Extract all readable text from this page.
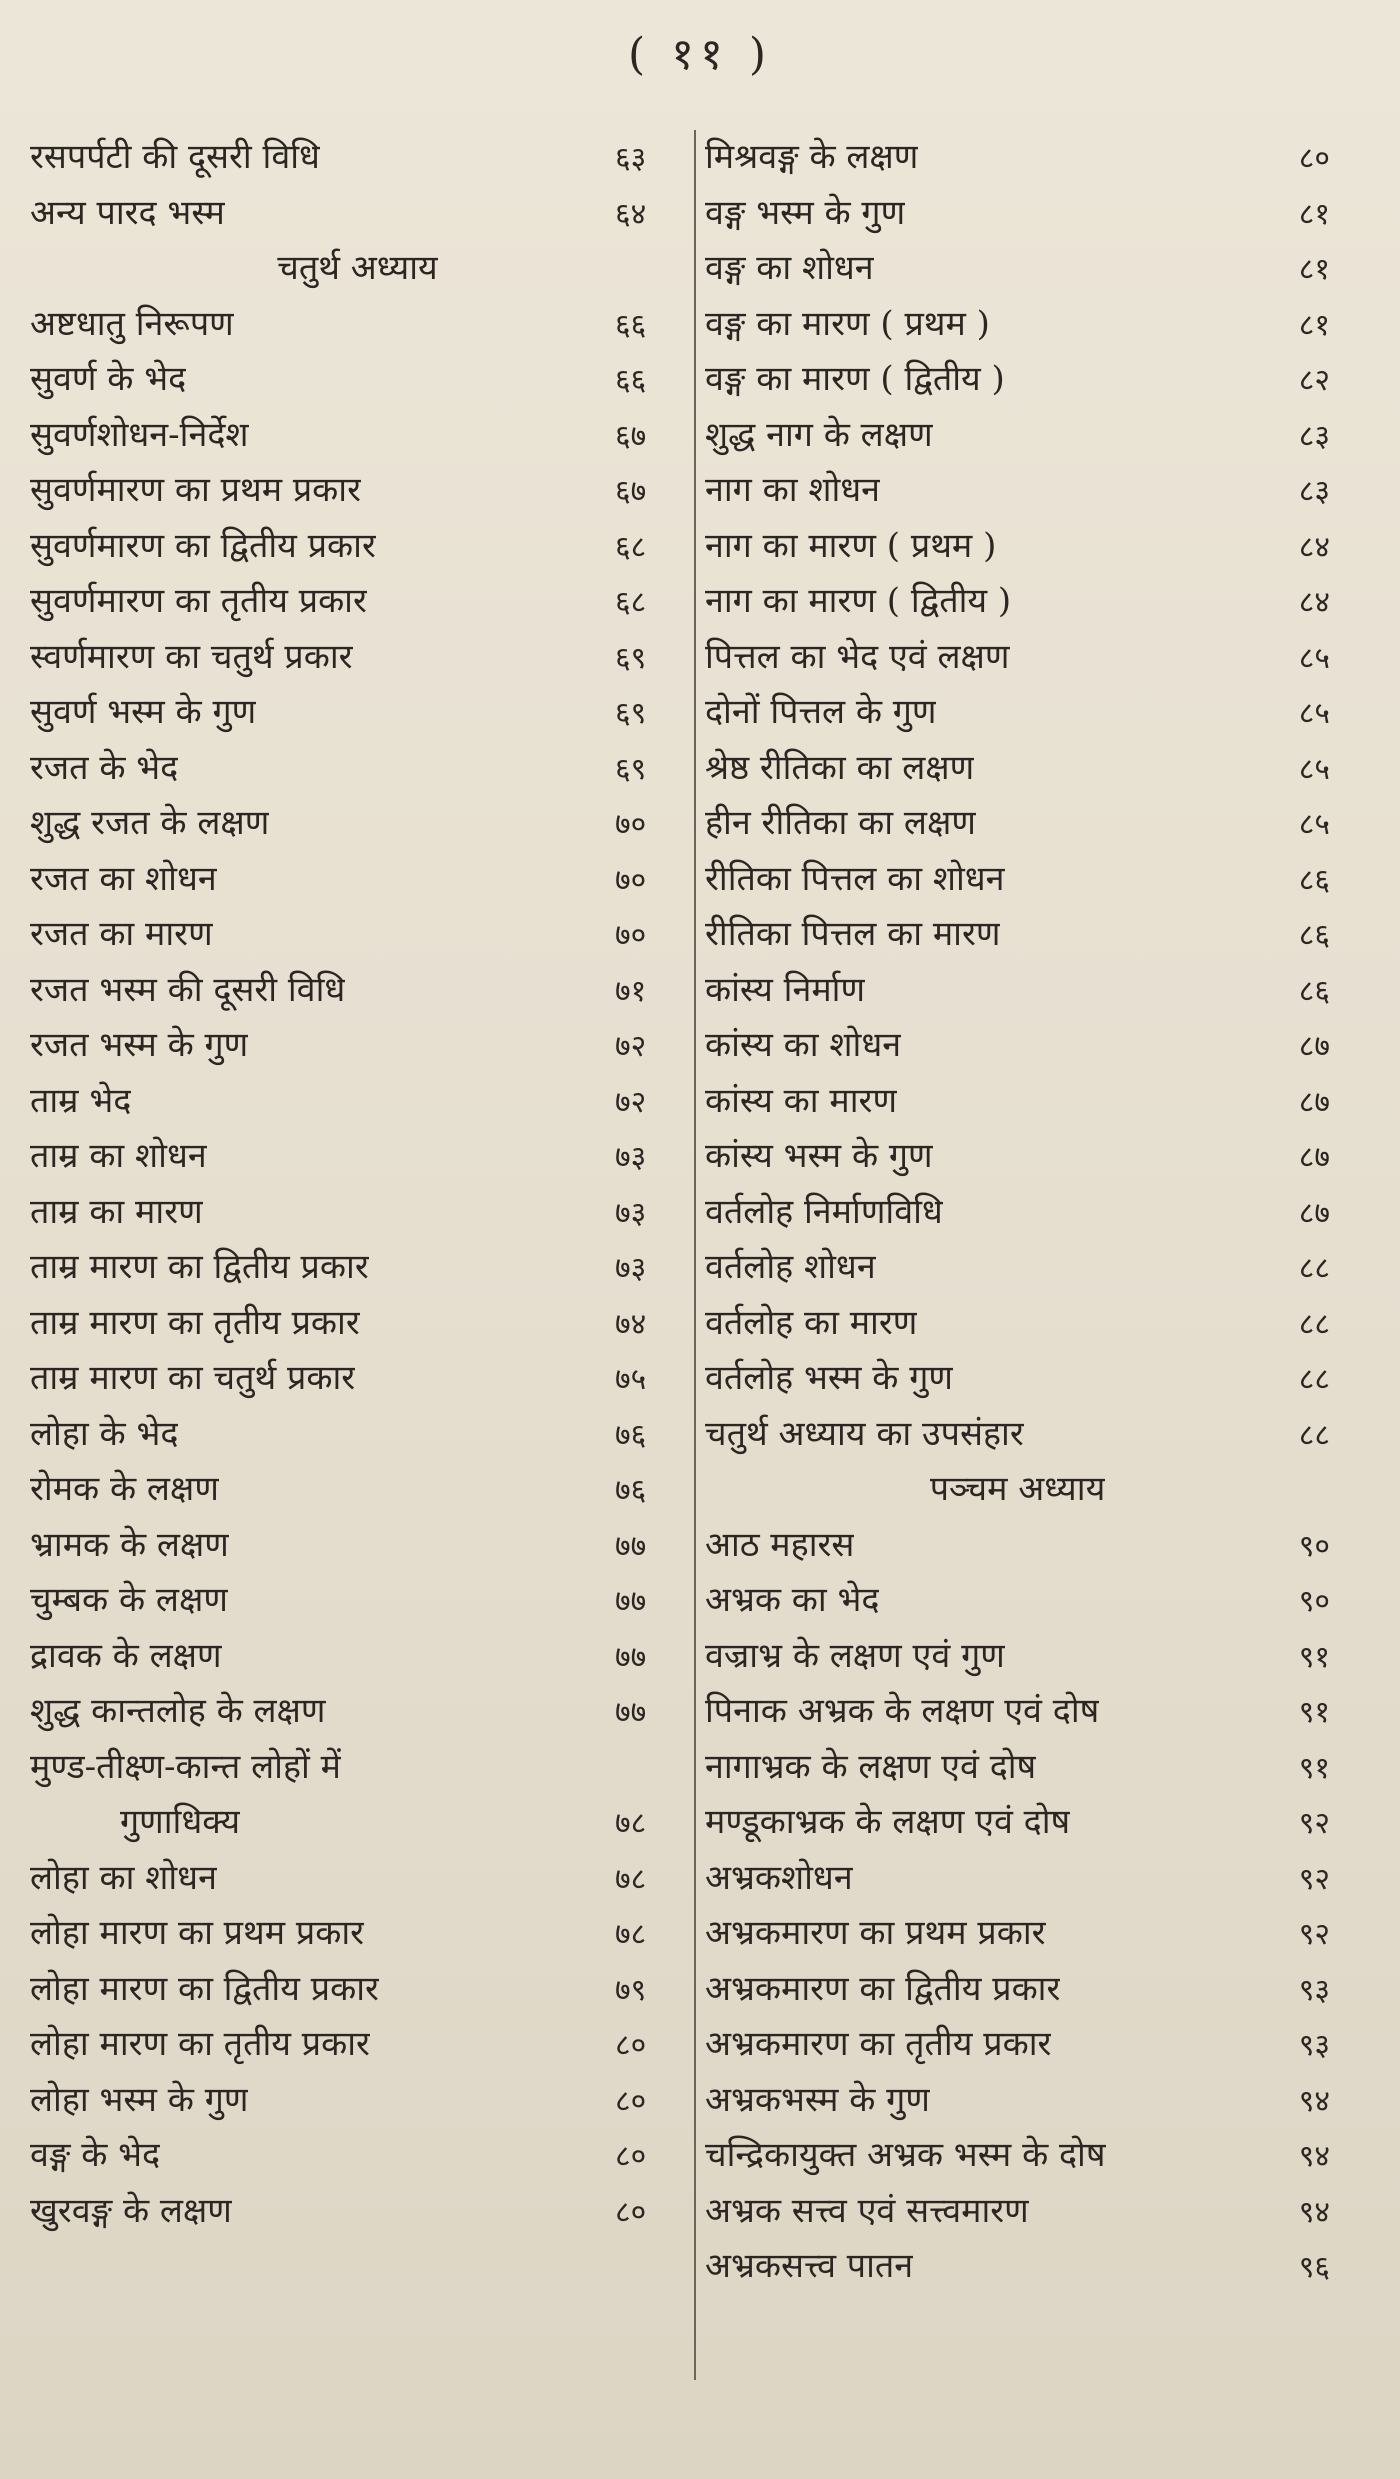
( ११ )
रसपर्पटी की दूसरी विधि	६३
अन्य पारद भस्म	६४
चतुर्थ अध्याय
अष्टधातु निरूपण	६६
सुवर्ण के भेद	६६
सुवर्णशोधन-निर्देश	६७
सुवर्णमारण का प्रथम प्रकार	६७
सुवर्णमारण का द्वितीय प्रकार	६८
सुवर्णमारण का तृतीय प्रकार	६८
स्वर्णमारण का चतुर्थ प्रकार	६९
सुवर्ण भस्म के गुण	६९
रजत के भेद	६९
शुद्ध रजत के लक्षण	७०
रजत का शोधन	७०
रजत का मारण	७०
रजत भस्म की दूसरी विधि	७१
रजत भस्म के गुण	७२
ताम्र भेद	७२
ताम्र का शोधन	७३
ताम्र का मारण	७३
ताम्र मारण का द्वितीय प्रकार	७३
ताम्र मारण का तृतीय प्रकार	७४
ताम्र मारण का चतुर्थ प्रकार	७५
लोहा के भेद	७६
रोमक के लक्षण	७६
भ्रामक के लक्षण	७७
चुम्बक के लक्षण	७७
द्रावक के लक्षण	७७
शुद्ध कान्तलोह के लक्षण	७७
मुण्ड-तीक्ष्ण-कान्त लोहों में
गुणाधिक्य	७८
लोहा का शोधन	७८
लोहा मारण का प्रथम प्रकार	७८
लोहा मारण का द्वितीय प्रकार	७९
लोहा मारण का तृतीय प्रकार	८०
लोहा भस्म के गुण	८०
वङ्ग के भेद	८०
खुरवङ्ग के लक्षण	८०
मिश्रवङ्ग के लक्षण	८०
वङ्ग भस्म के गुण	८१
वङ्ग का शोधन	८१
वङ्ग का मारण ( प्रथम )	८१
वङ्ग का मारण ( द्वितीय )	८२
शुद्ध नाग के लक्षण	८३
नाग का शोधन	८३
नाग का मारण ( प्रथम )	८४
नाग का मारण ( द्वितीय )	८४
पित्तल का भेद एवं लक्षण	८५
दोनों पित्तल के गुण	८५
श्रेष्ठ रीतिका का लक्षण	८५
हीन रीतिका का लक्षण	८५
रीतिका पित्तल का शोधन	८६
रीतिका पित्तल का मारण	८६
कांस्य निर्माण	८६
कांस्य का शोधन	८७
कांस्य का मारण	८७
कांस्य भस्म के गुण	८७
वर्तलोह निर्माणविधि	८७
वर्तलोह शोधन	८८
वर्तलोह का मारण	८८
वर्तलोह भस्म के गुण	८८
चतुर्थ अध्याय का उपसंहार	८८
पञ्चम अध्याय
आठ महारस	९०
अभ्रक का भेद	९०
वज्राभ्र के लक्षण एवं गुण	९१
पिनाक अभ्रक के लक्षण एवं दोष	९१
नागाभ्रक के लक्षण एवं दोष	९१
मण्डूकाभ्रक के लक्षण एवं दोष	९२
अभ्रकशोधन	९२
अभ्रकमारण का प्रथम प्रकार	९२
अभ्रकमारण का द्वितीय प्रकार	९३
अभ्रकमारण का तृतीय प्रकार	९३
अभ्रकभस्म के गुण	९४
चन्द्रिकायुक्त अभ्रक भस्म के दोष	९४
अभ्रक सत्त्व एवं सत्त्वमारण	९४
अभ्रकसत्त्व पातन	९६
